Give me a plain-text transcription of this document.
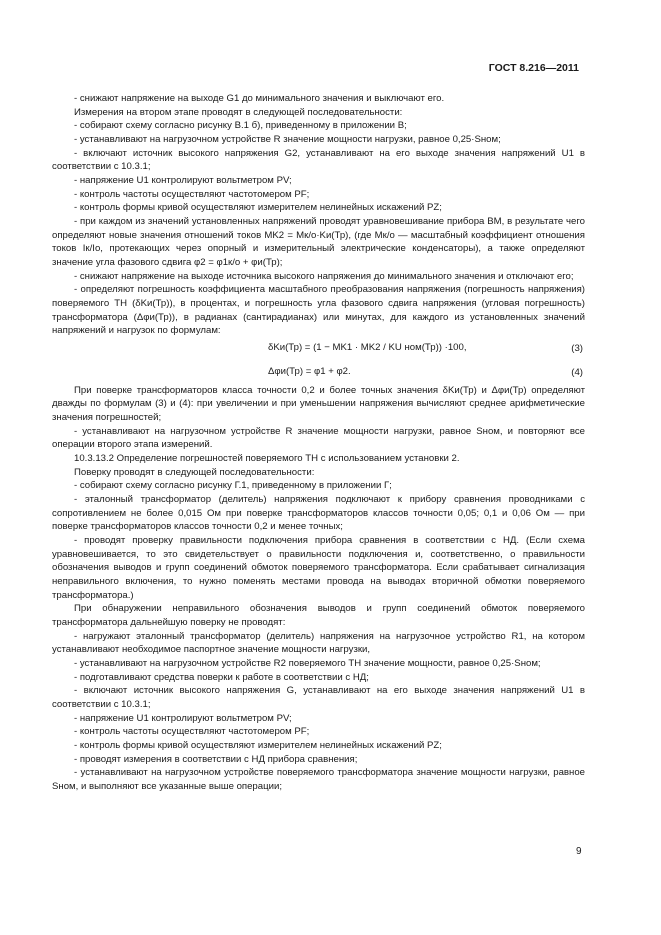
ГОСТ 8.216—2011

- снижают напряжение на выходе G1 до минимального значения и выключают его.

Измерения на втором этапе проводят в следующей последовательности:

- собирают схему согласно рисунку В.1 б), приведенному в приложении В;

- устанавливают на нагрузочном устройстве R значение мощности нагрузки, равное 0,25·Sном;

- включают источник высокого напряжения G2, устанавливают на его выходе значения напряжений U1 в соответствии с 10.3.1;

- напряжение U1 контролируют вольтметром PV;

- контроль частоты осуществляют частотомером PF;

- контроль формы кривой осуществляют измерителем нелинейных искажений PZ;

- при каждом из значений установленных напряжений проводят уравновешивание прибора ВМ, в результате чего определяют новые значения отношений токов MK2 = Mк/о·Kи(Тр), (где Mк/о — масштабный коэффициент отношения токов Iк/Iо, протекающих через опорный и измерительный электрические конденсаторы), а также определяют значение угла фазового сдвига φ2 = φ1к/о + φи(Тр);

- снижают напряжение на выходе источника высокого напряжения до минимального значения и отключают его;

- определяют погрешность коэффициента масштабного преобразования напряжения (погрешность напряжения) поверяемого ТН (δKи(Тр)), в процентах, и погрешность угла фазового сдвига напряжения (угловая погрешность) трансформатора (Δφи(Тр)), в радианах (сантирадианах) или минутах, для каждого из установленных значений напряжений и нагрузок по формулам:

δKи(Тр) = (1 − MK1 · MK2 / KU ном(Тр)) ·100,	(3)
Δφи(Тр) = φ1 + φ2.	(4)

При поверке трансформаторов класса точности 0,2 и более точных значения δKи(Тр) и Δφи(Тр) определяют дважды по формулам (3) и (4): при увеличении и при уменьшении напряжения вычисляют среднее арифметические значения погрешностей;

- устанавливают на нагрузочном устройстве R значение мощности нагрузки, равное Sном, и повторяют все операции второго этапа измерений.

10.3.13.2 Определение погрешностей поверяемого ТН с использованием установки 2.

Поверку проводят в следующей последовательности:

- собирают схему согласно рисунку Г.1, приведенному в приложении Г;

- эталонный трансформатор (делитель) напряжения подключают к прибору сравнения проводниками с сопротивлением не более 0,015 Ом при поверке трансформаторов классов точности 0,05; 0,1 и 0,06 Ом — при поверке трансформаторов классов точности 0,2 и менее точных;

- проводят проверку правильности подключения прибора сравнения в соответствии с НД. (Если схема уравновешивается, то это свидетельствует о правильности подключения и, соответственно, о правильности обозначения выводов и групп соединений обмоток поверяемого трансформатора. Если срабатывает сигнализация неправильного включения, то нужно поменять местами провода на выводах вторичной обмотки поверяемого трансформатора.)

При обнаружении неправильного обозначения выводов и групп соединений обмоток поверяемого трансформатора дальнейшую поверку не проводят:

- нагружают эталонный трансформатор (делитель) напряжения на нагрузочное устройство R1, на котором устанавливают необходимое паспортное значение мощности нагрузки,

- устанавливают на нагрузочном устройстве R2 поверяемого ТН значение мощности, равное 0,25·Sном;

- подготавливают средства поверки к работе в соответствии с НД;

- включают источник высокого напряжения G, устанавливают на его выходе значения напряжений U1 в соответствии с 10.3.1;

- напряжение U1 контролируют вольтметром PV;

- контроль частоты осуществляют частотомером PF;

- контроль формы кривой осуществляют измерителем нелинейных искажений PZ;

- проводят измерения в соответствии с НД прибора сравнения;

- устанавливают на нагрузочном устройстве поверяемого трансформатора значение мощности нагрузки, равное Sном, и выполняют все указанные выше операции;

9
